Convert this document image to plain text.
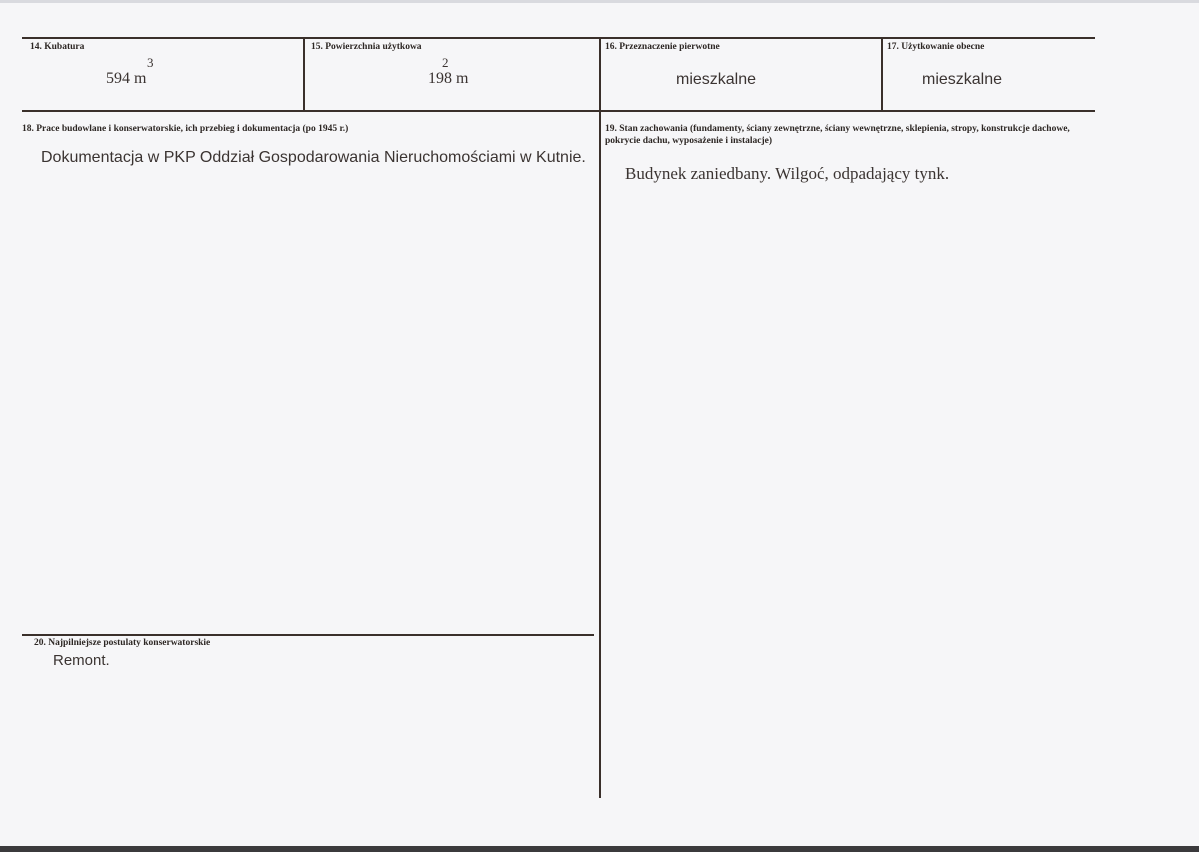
14. Kubatura
3
594 m
15. Powierzchnia użytkowa
2
198 m
16. Przeznaczenie pierwotne
mieszkalne
17. Użytkowanie obecne
mieszkalne
18. Prace budowlane i konserwatorskie, ich przebieg i dokumentacja (po 1945 r.)
Dokumentacja w PKP Oddział Gospodarowania Nieruchomościami w Kutnie.
19. Stan zachowania (fundamenty, ściany zewnętrzne, ściany wewnętrzne, sklepienia, stropy, konstrukcje dachowe, pokrycie dachu, wyposażenie i instalacje)
Budynek zaniedbany. Wilgoć, odpadający tynk.
20. Najpilniejsze postulaty konserwatorskie
Remont.
